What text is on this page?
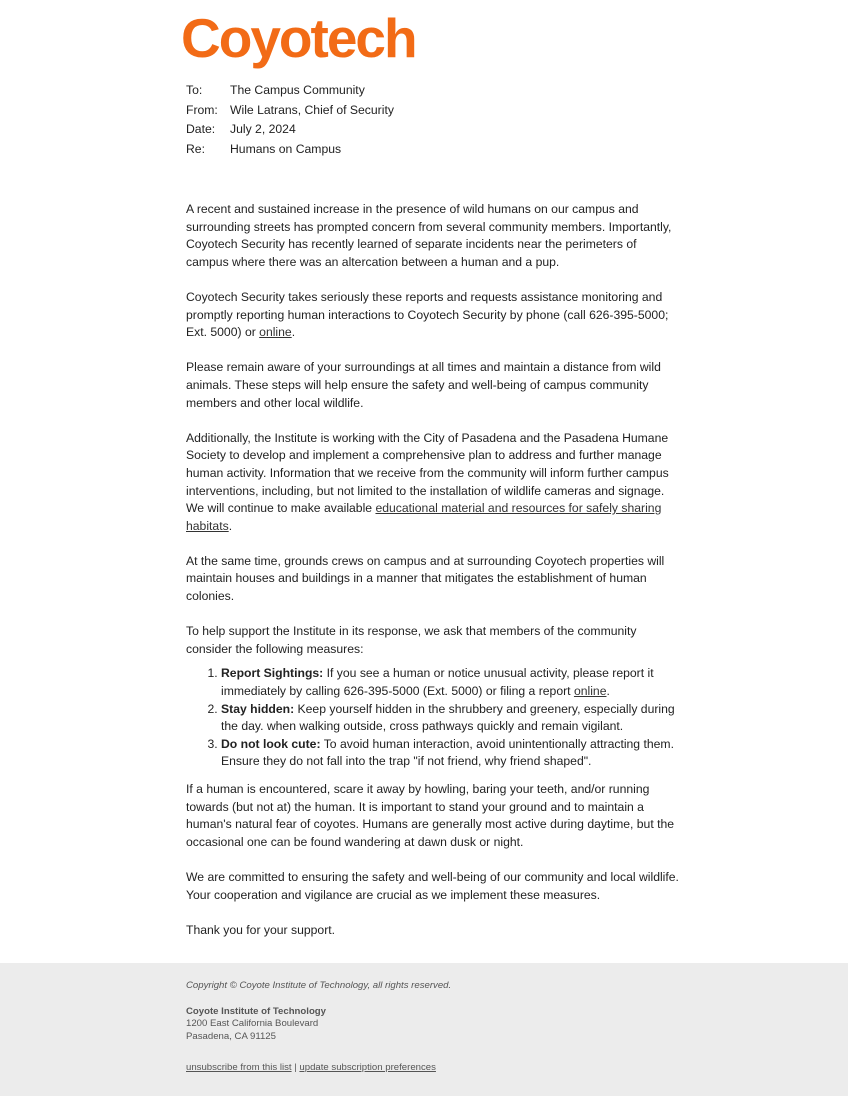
Coyotech
To:	The Campus Community
From: Wile Latrans, Chief of Security
Date:	July 2, 2024
Re:	Humans on Campus

A recent and sustained increase in the presence of wild humans on our campus and surrounding streets has prompted concern from several community members. Importantly, Coyotech Security has recently learned of separate incidents near the perimeters of campus where there was an altercation between a human and a pup.

Coyotech Security takes seriously these reports and requests assistance monitoring and promptly reporting human interactions to Coyotech Security by phone (call 626-395-5000; Ext. 5000) or online.

Please remain aware of your surroundings at all times and maintain a distance from wild animals. These steps will help ensure the safety and well-being of campus community members and other local wildlife.

Additionally, the Institute is working with the City of Pasadena and the Pasadena Humane Society to develop and implement a comprehensive plan to address and further manage human activity. Information that we receive from the community will inform further campus interventions, including, but not limited to the installation of wildlife cameras and signage. We will continue to make available educational material and resources for safely sharing habitats.

At the same time, grounds crews on campus and at surrounding Coyotech properties will maintain houses and buildings in a manner that mitigates the establishment of human colonies.

To help support the Institute in its response, we ask that members of the community consider the following measures:

1. Report Sightings: If you see a human or notice unusual activity, please report it immediately by calling 626-395-5000 (Ext. 5000) or filing a report online.
2. Stay hidden: Keep yourself hidden in the shrubbery and greenery, especially during the day. when walking outside, cross pathways quickly and remain vigilant.
3. Do not look cute: To avoid human interaction, avoid unintentionally attracting them. Ensure they do not fall into the trap "if not friend, why friend shaped".

If a human is encountered, scare it away by howling, baring your teeth, and/or running towards (but not at) the human. It is important to stand your ground and to maintain a human's natural fear of coyotes. Humans are generally most active during daytime, but the occasional one can be found wandering at dawn dusk or night.

We are committed to ensuring the safety and well-being of our community and local wildlife. Your cooperation and vigilance are crucial as we implement these measures.

Thank you for your support.

Copyright © Coyote Institute of Technology, all rights reserved.
Coyote Institute of Technology
1200 East California Boulevard
Pasadena, CA 91125
unsubscribe from this list | update subscription preferences
